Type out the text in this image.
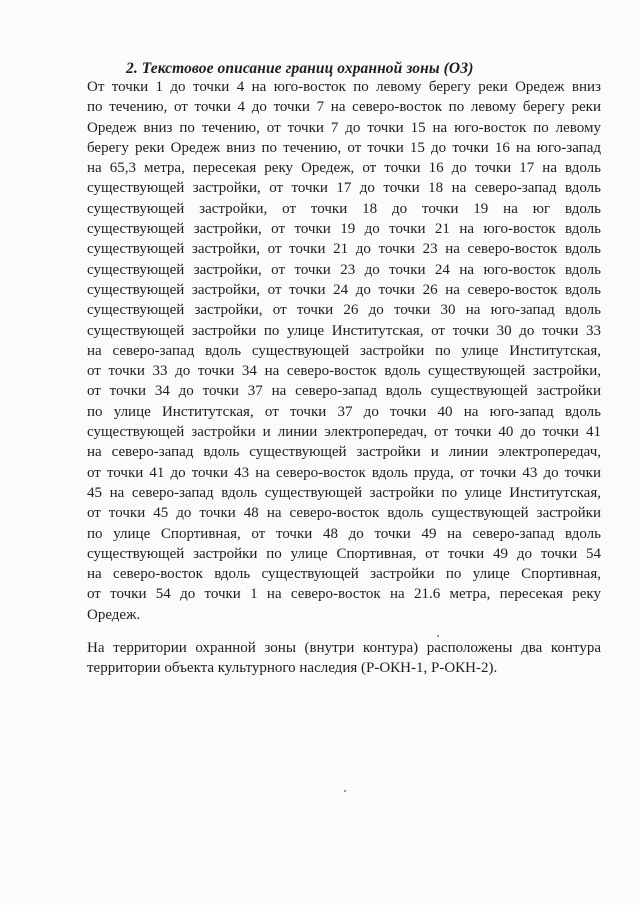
2. Текстовое описание границ охранной зоны (ОЗ)
От точки 1 до точки 4 на юго-восток по левому берегу реки Оредеж вниз
по течению, от точки 4 до точки 7 на северо-восток по левому берегу реки
Оредеж вниз по течению, от точки 7 до точки 15 на юго-восток по левому
берегу реки Оредеж вниз по течению, от точки 15 до точки 16 на юго-запад
на 65,3 метра, пересекая реку Оредеж, от точки 16 до точки 17 на вдоль
существующей застройки, от точки 17 до точки 18 на северо-запад вдоль
существующей застройки, от точки 18 до точки 19 на юг вдоль
существующей застройки, от точки 19 до точки 21 на юго-восток вдоль
существующей застройки, от точки 21 до точки 23 на северо-восток вдоль
существующей застройки, от точки 23 до точки 24 на юго-восток вдоль
существующей застройки, от точки 24 до точки 26 на северо-восток вдоль
существующей застройки, от точки 26 до точки 30 на юго-запад вдоль
существующей застройки по улице Институтская, от точки 30 до точки 33
на северо-запад вдоль существующей застройки по улице Институтская,
от точки 33 до точки 34 на северо-восток вдоль существующей застройки,
от точки 34 до точки 37 на северо-запад вдоль существующей застройки
по улице Институтская, от точки 37 до точки 40 на юго-запад вдоль
существующей застройки и линии электропередач, от точки 40 до точки 41
на северо-запад вдоль существующей застройки и линии электропередач,
от точки 41 до точки 43 на северо-восток вдоль пруда, от точки 43 до точки
45 на северо-запад вдоль существующей застройки по улице Институтская,
от точки 45 до точки 48 на северо-восток вдоль существующей застройки
по улице Спортивная, от точки 48 до точки 49 на северо-запад вдоль
существующей застройки по улице Спортивная, от точки 49 до точки 54
на северо-восток вдоль существующей застройки по улице Спортивная,
от точки 54 до точки 1 на северо-восток на 21.6 метра, пересекая реку
Оредеж.
На территории охранной зоны (внутри контура) расположены два контура
территории объекта культурного наследия (Р-ОКН-1, Р-ОКН-2).
